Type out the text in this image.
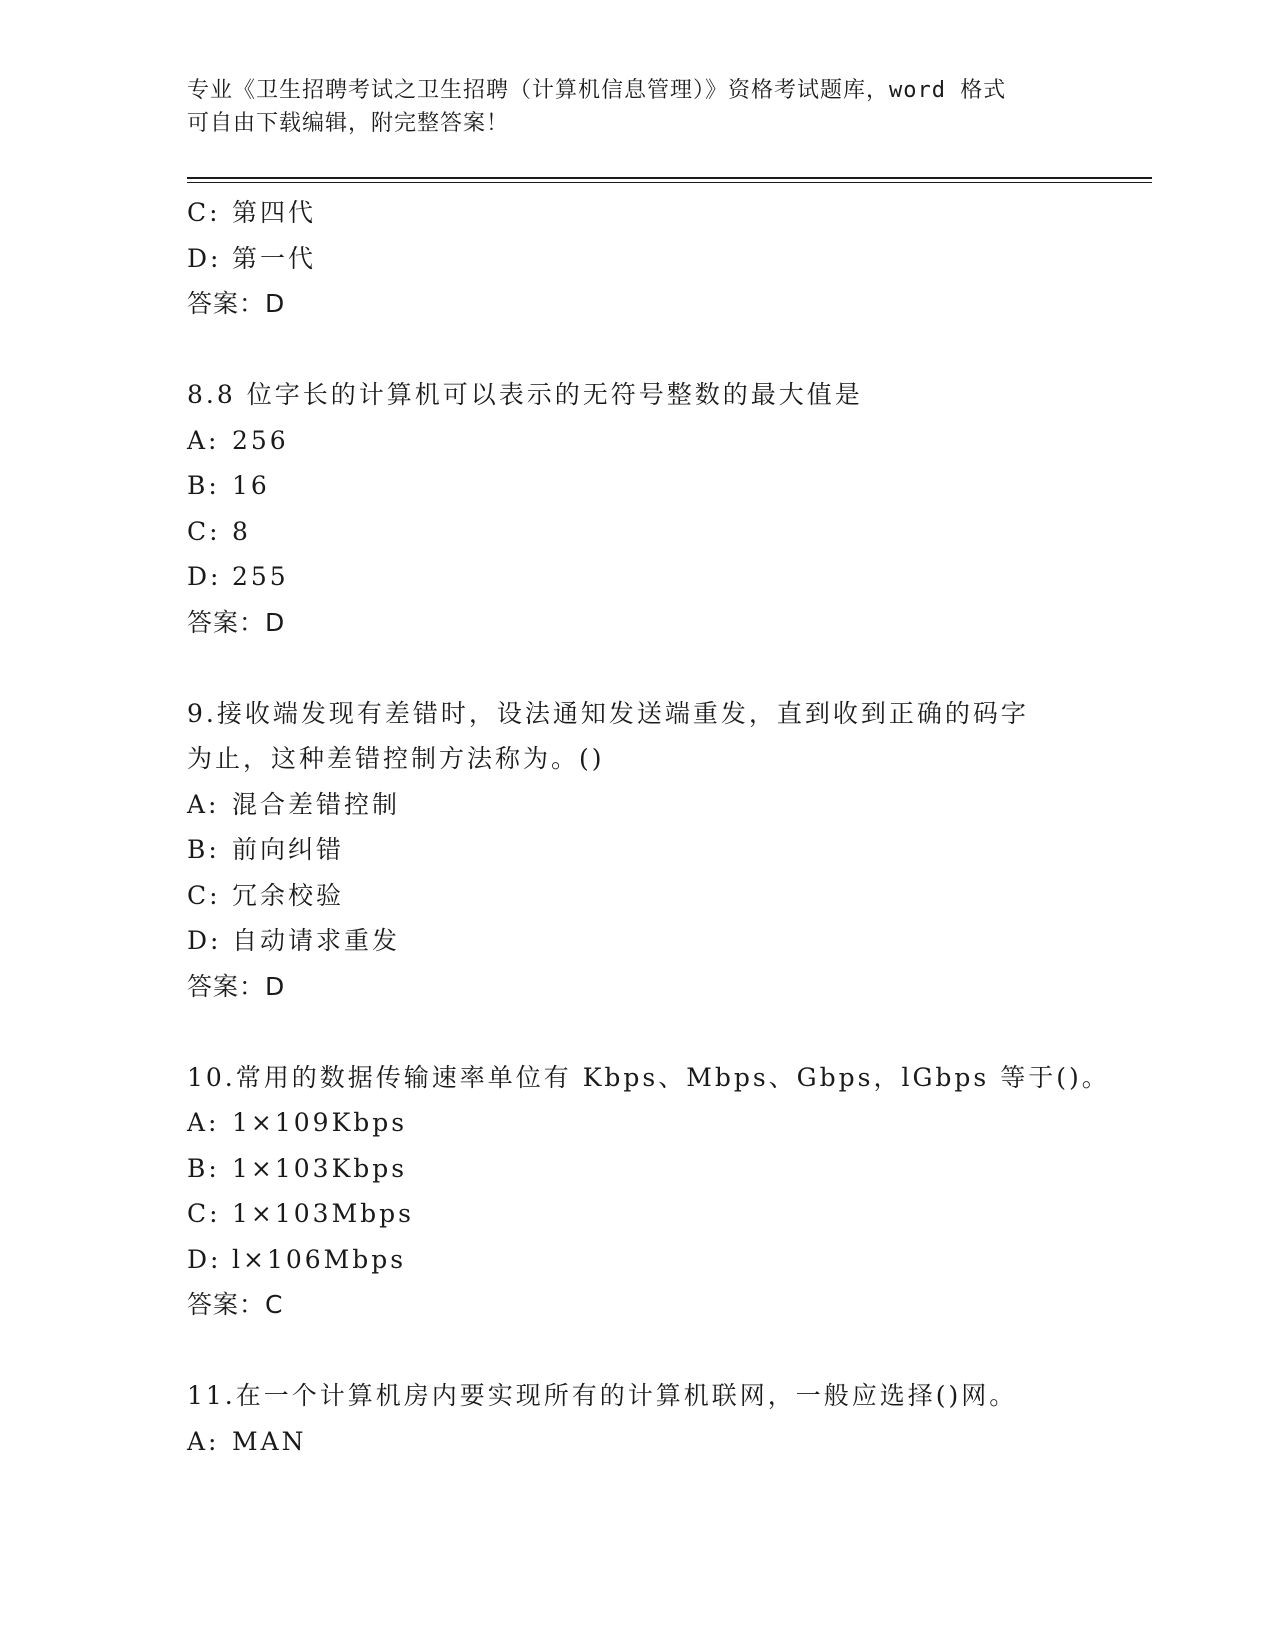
专业《卫生招聘考试之卫生招聘（计算机信息管理）》资格考试题库，word 格式
可自由下载编辑，附完整答案！
C: 第四代
D: 第一代
答案：D
8.8 位字长的计算机可以表示的无符号整数的最大值是
A: 256
B: 16
C: 8
D: 255
答案：D
9.接收端发现有差错时，设法通知发送端重发，直到收到正确的码字
为止，这种差错控制方法称为。()
A: 混合差错控制
B: 前向纠错
C: 冗余校验
D: 自动请求重发
答案：D
10.常用的数据传输速率单位有 Kbps、Mbps、Gbps，lGbps 等于()。
A: 1×109Kbps
B: 1×103Kbps
C: 1×103Mbps
D: l×106Mbps
答案：C
11.在一个计算机房内要实现所有的计算机联网，一般应选择()网。
A: MAN
